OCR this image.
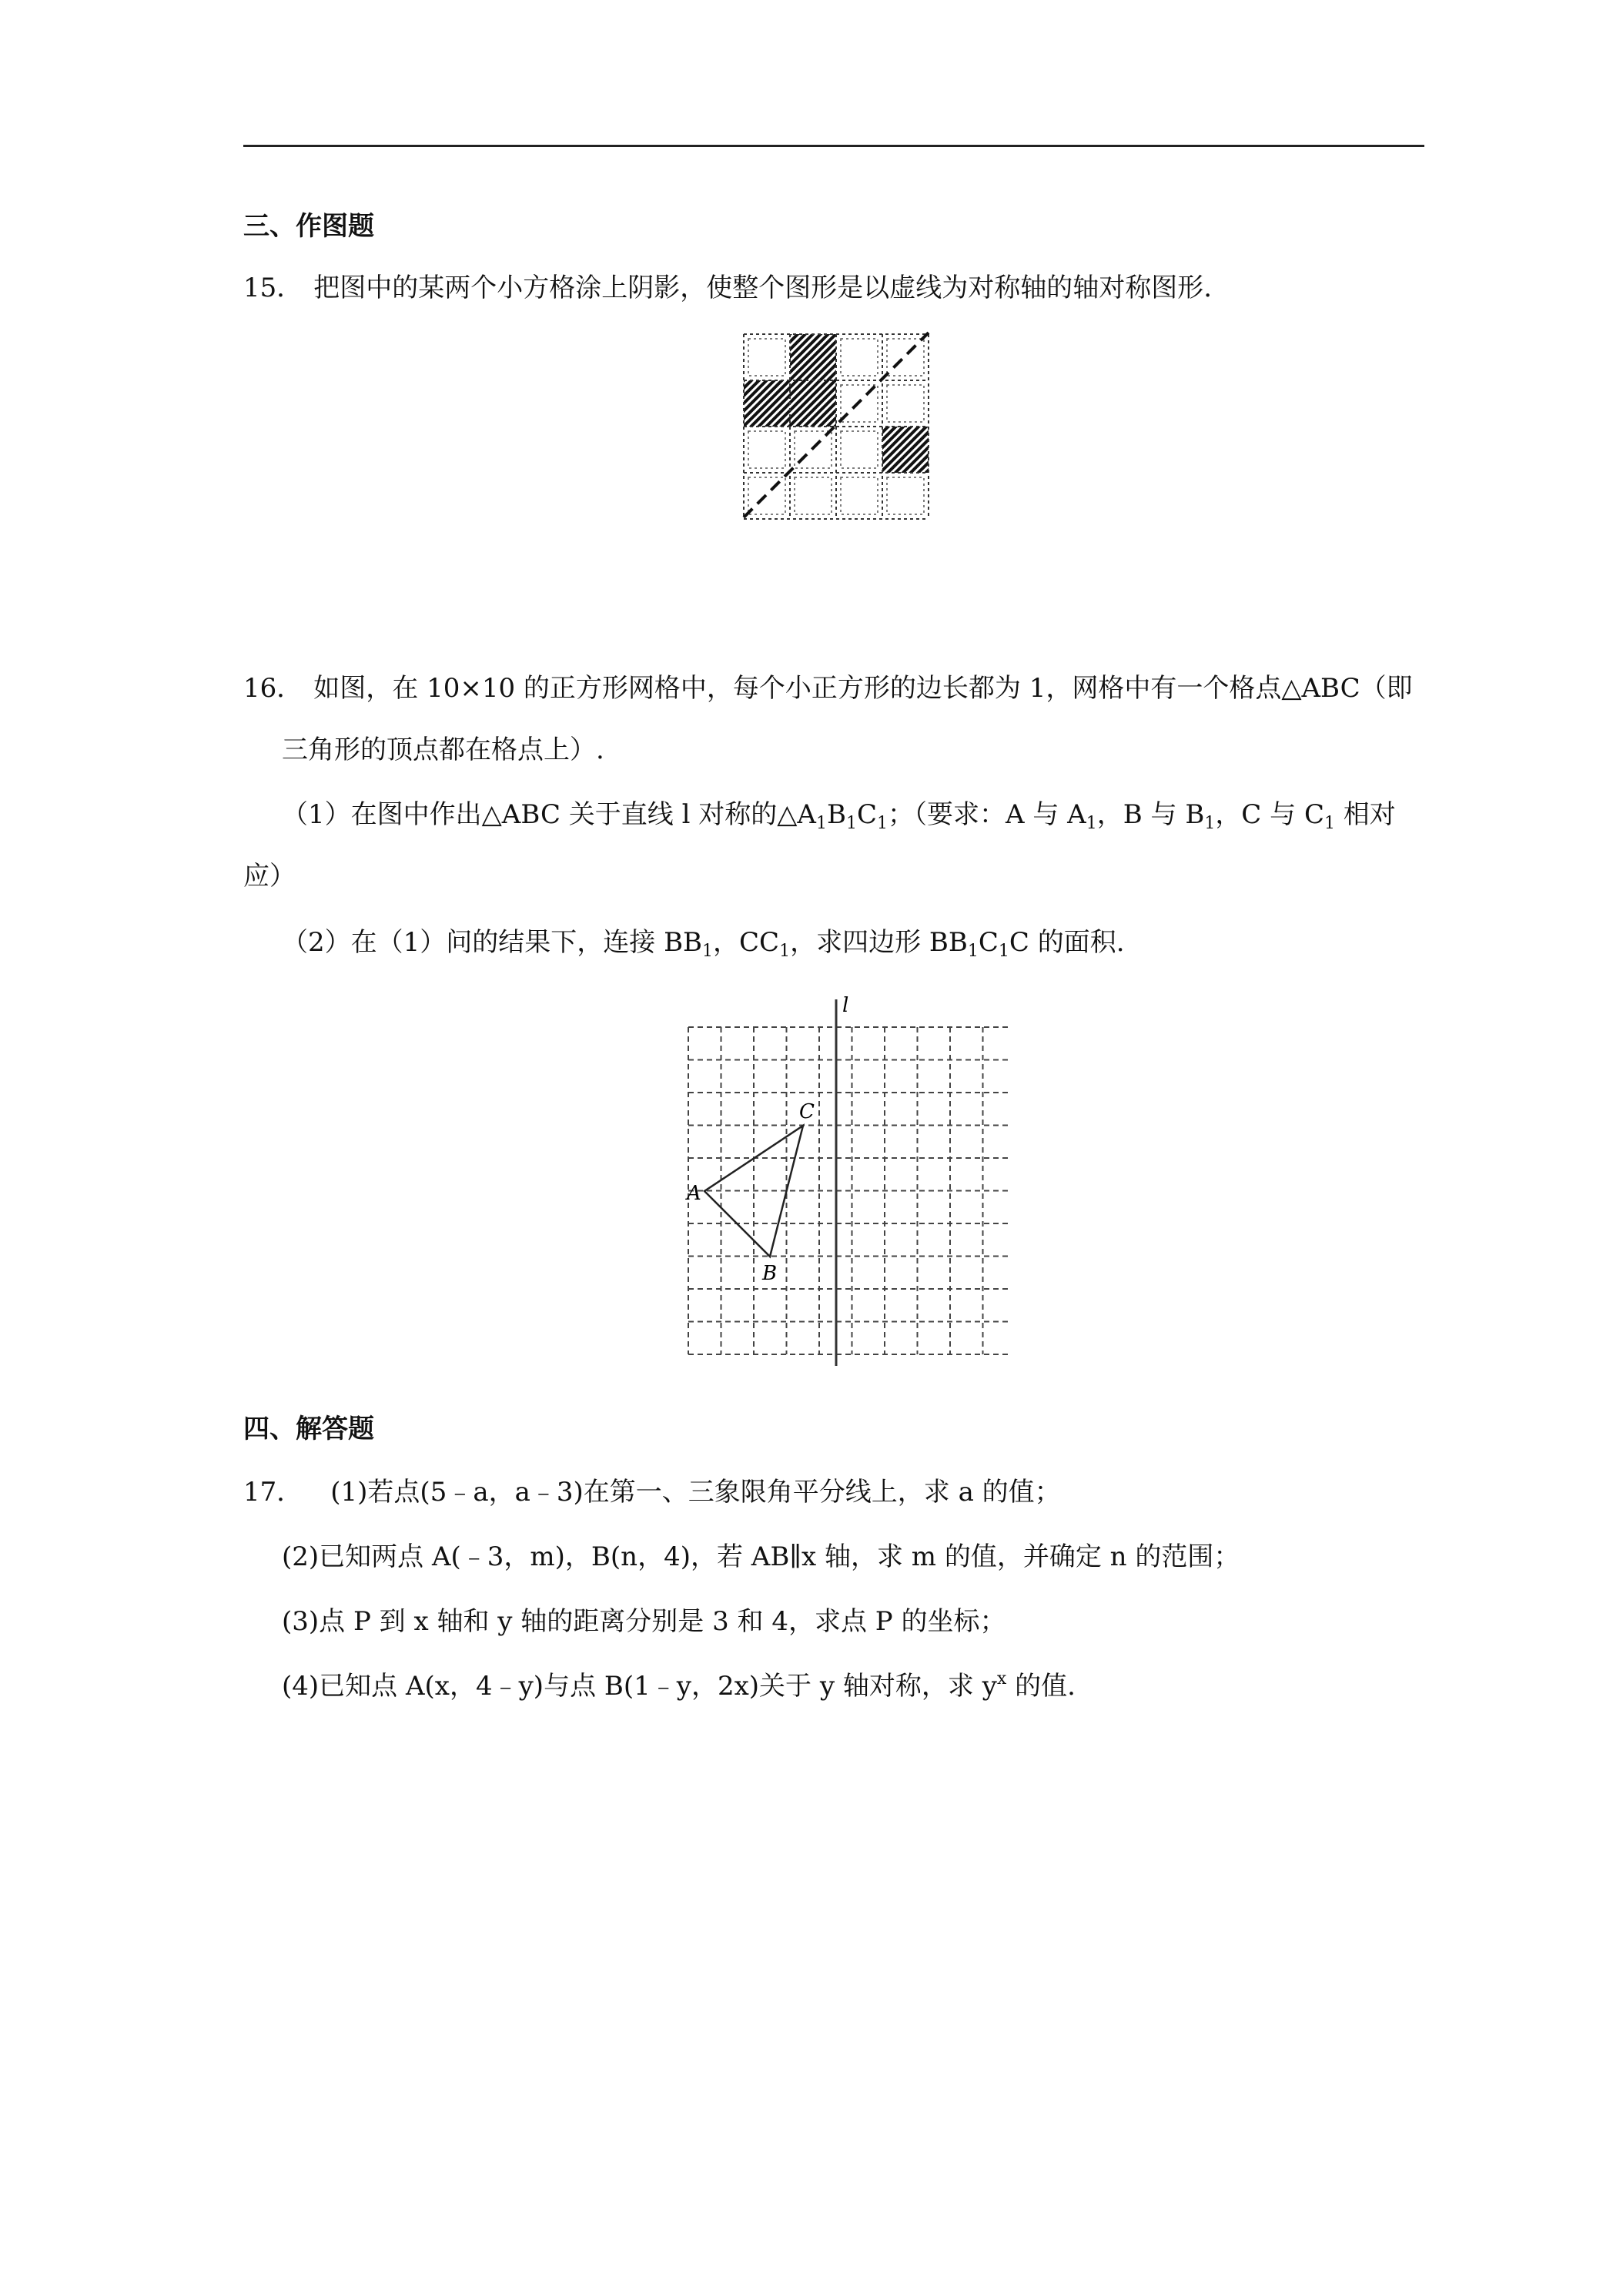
三、作图题
15． 把图中的某两个小方格涂上阴影，使整个图形是以虚线为对称轴的轴对称图形.
16． 如图，在 10×10 的正方形网格中，每个小正方形的边长都为 1，网格中有一个格点△ABC（即
三角形的顶点都在格点上）.
（1）在图中作出△ABC 关于直线 l 对称的$\triangle A_1B_1C_1$；（要求：A 与 $A_1$，B 与 $B_1$，C 与 $C_1$ 相对
应）
（2）在（1）问的结果下，连接 $BB_1$，$CC_1$，求四边形 $BB_1C_1C$ 的面积.
l
A
B
C
四、解答题
17． (1)若点(5﹣a，a﹣3)在第一、三象限角平分线上，求 a 的值；
(2)已知两点 A(﹣3，m)，B(n，4)，若 AB∥x 轴，求 m 的值，并确定 n 的范围；
(3)点 P 到 x 轴和 y 轴的距离分别是 3 和 4，求点 P 的坐标；
(4)已知点 A(x，4﹣y)与点 B(1﹣y，2x)关于 y 轴对称，求 $y^x$ 的值.
